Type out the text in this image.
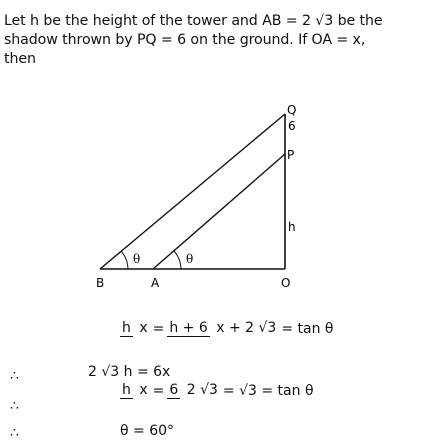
Let h be the height of the tower and AB = 2 √3 be the
shadow thrown by PQ = 6 on the ground. If OA = x,
then
θ	θ
B	A	O
Q
6
P
h
h x = h + 6 x + 2 √3 = tan θ
∴	2 √3 h = 6x
∴
h x = 6 2 √3 = √3 = tan θ
∴	θ = 60°
